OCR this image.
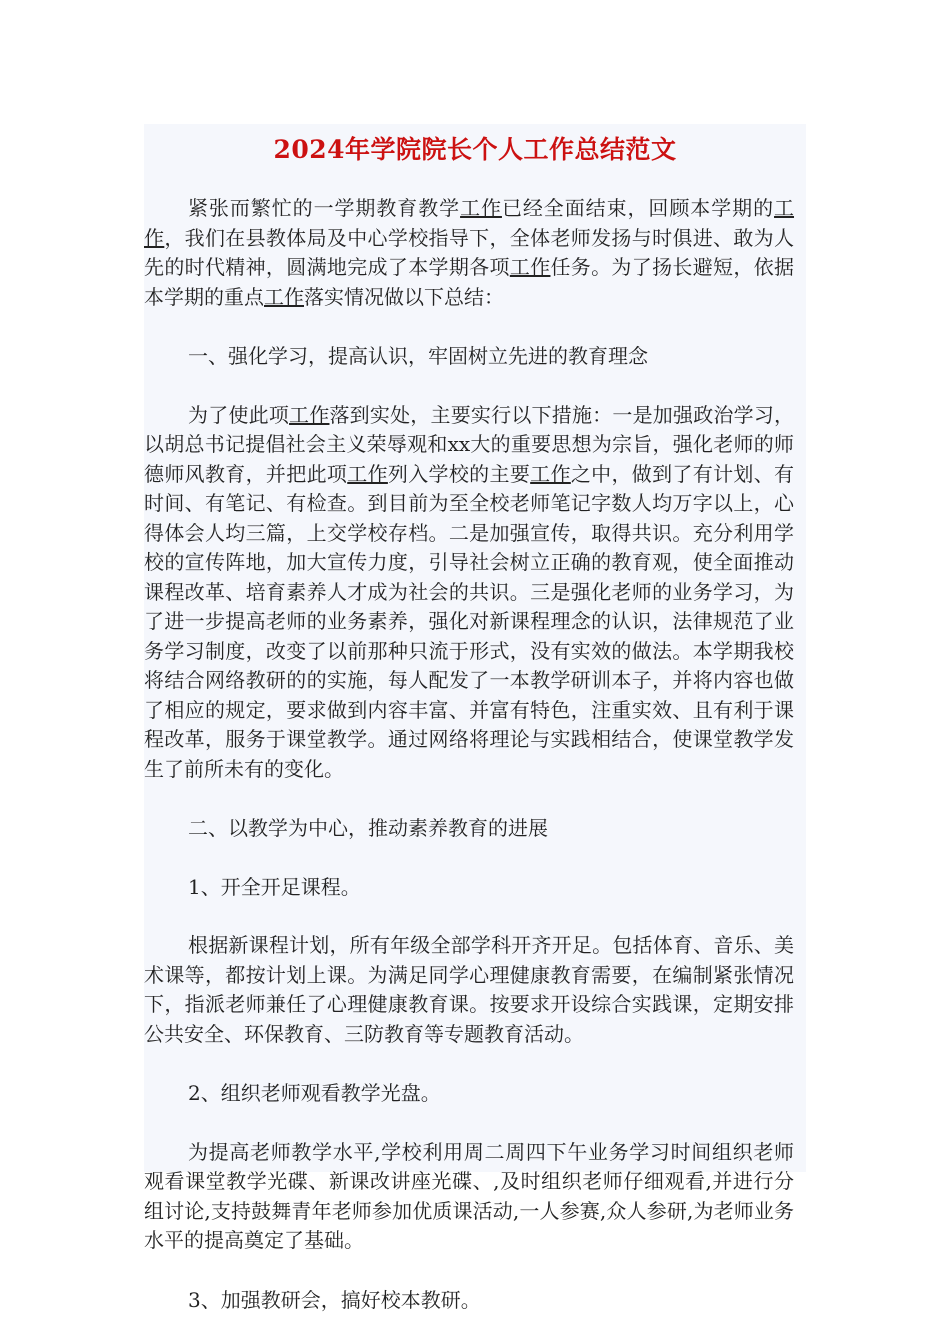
2024年学院院长个人工作总结范文

紧张而繁忙的一学期教育教学工作已经全面结束，回顾本学期的工作，我们在县教体局及中心学校指导下，全体老师发扬与时俱进、敢为人先的时代精神，圆满地完成了本学期各项工作任务。为了扬长避短，依据本学期的重点工作落实情况做以下总结：

一、强化学习，提高认识，牢固树立先进的教育理念

为了使此项工作落到实处，主要实行以下措施：一是加强政治学习，以胡总书记提倡社会主义荣辱观和xx大的重要思想为宗旨，强化老师的师德师风教育，并把此项工作列入学校的主要工作之中，做到了有计划、有时间、有笔记、有检查。到目前为至全校老师笔记字数人均万字以上，心得体会人均三篇，上交学校存档。二是加强宣传，取得共识。充分利用学校的宣传阵地，加大宣传力度，引导社会树立正确的教育观，使全面推动课程改革、培育素养人才成为社会的共识。三是强化老师的业务学习，为了进一步提高老师的业务素养，强化对新课程理念的认识，法律规范了业务学习制度，改变了以前那种只流于形式，没有实效的做法。本学期我校将结合网络教研的的实施，每人配发了一本教学研训本子，并将内容也做了相应的规定，要求做到内容丰富、并富有特色，注重实效、且有利于课程改革，服务于课堂教学。通过网络将理论与实践相结合，使课堂教学发生了前所未有的变化。

二、以教学为中心，推动素养教育的进展

1、开全开足课程。

根据新课程计划，所有年级全部学科开齐开足。包括体育、音乐、美术课等，都按计划上课。为满足同学心理健康教育需要，在编制紧张情况下，指派老师兼任了心理健康教育课。按要求开设综合实践课，定期安排公共安全、环保教育、三防教育等专题教育活动。

2、组织老师观看教学光盘。

为提高老师教学水平,学校利用周二周四下午业务学习时间组织老师观看课堂教学光碟、新课改讲座光碟、,及时组织老师仔细观看,并进行分组讨论,支持鼓舞青年老师参加优质课活动,一人参赛,众人参研,为老师业务水平的提高奠定了基础。

3、加强教研会，搞好校本教研。
